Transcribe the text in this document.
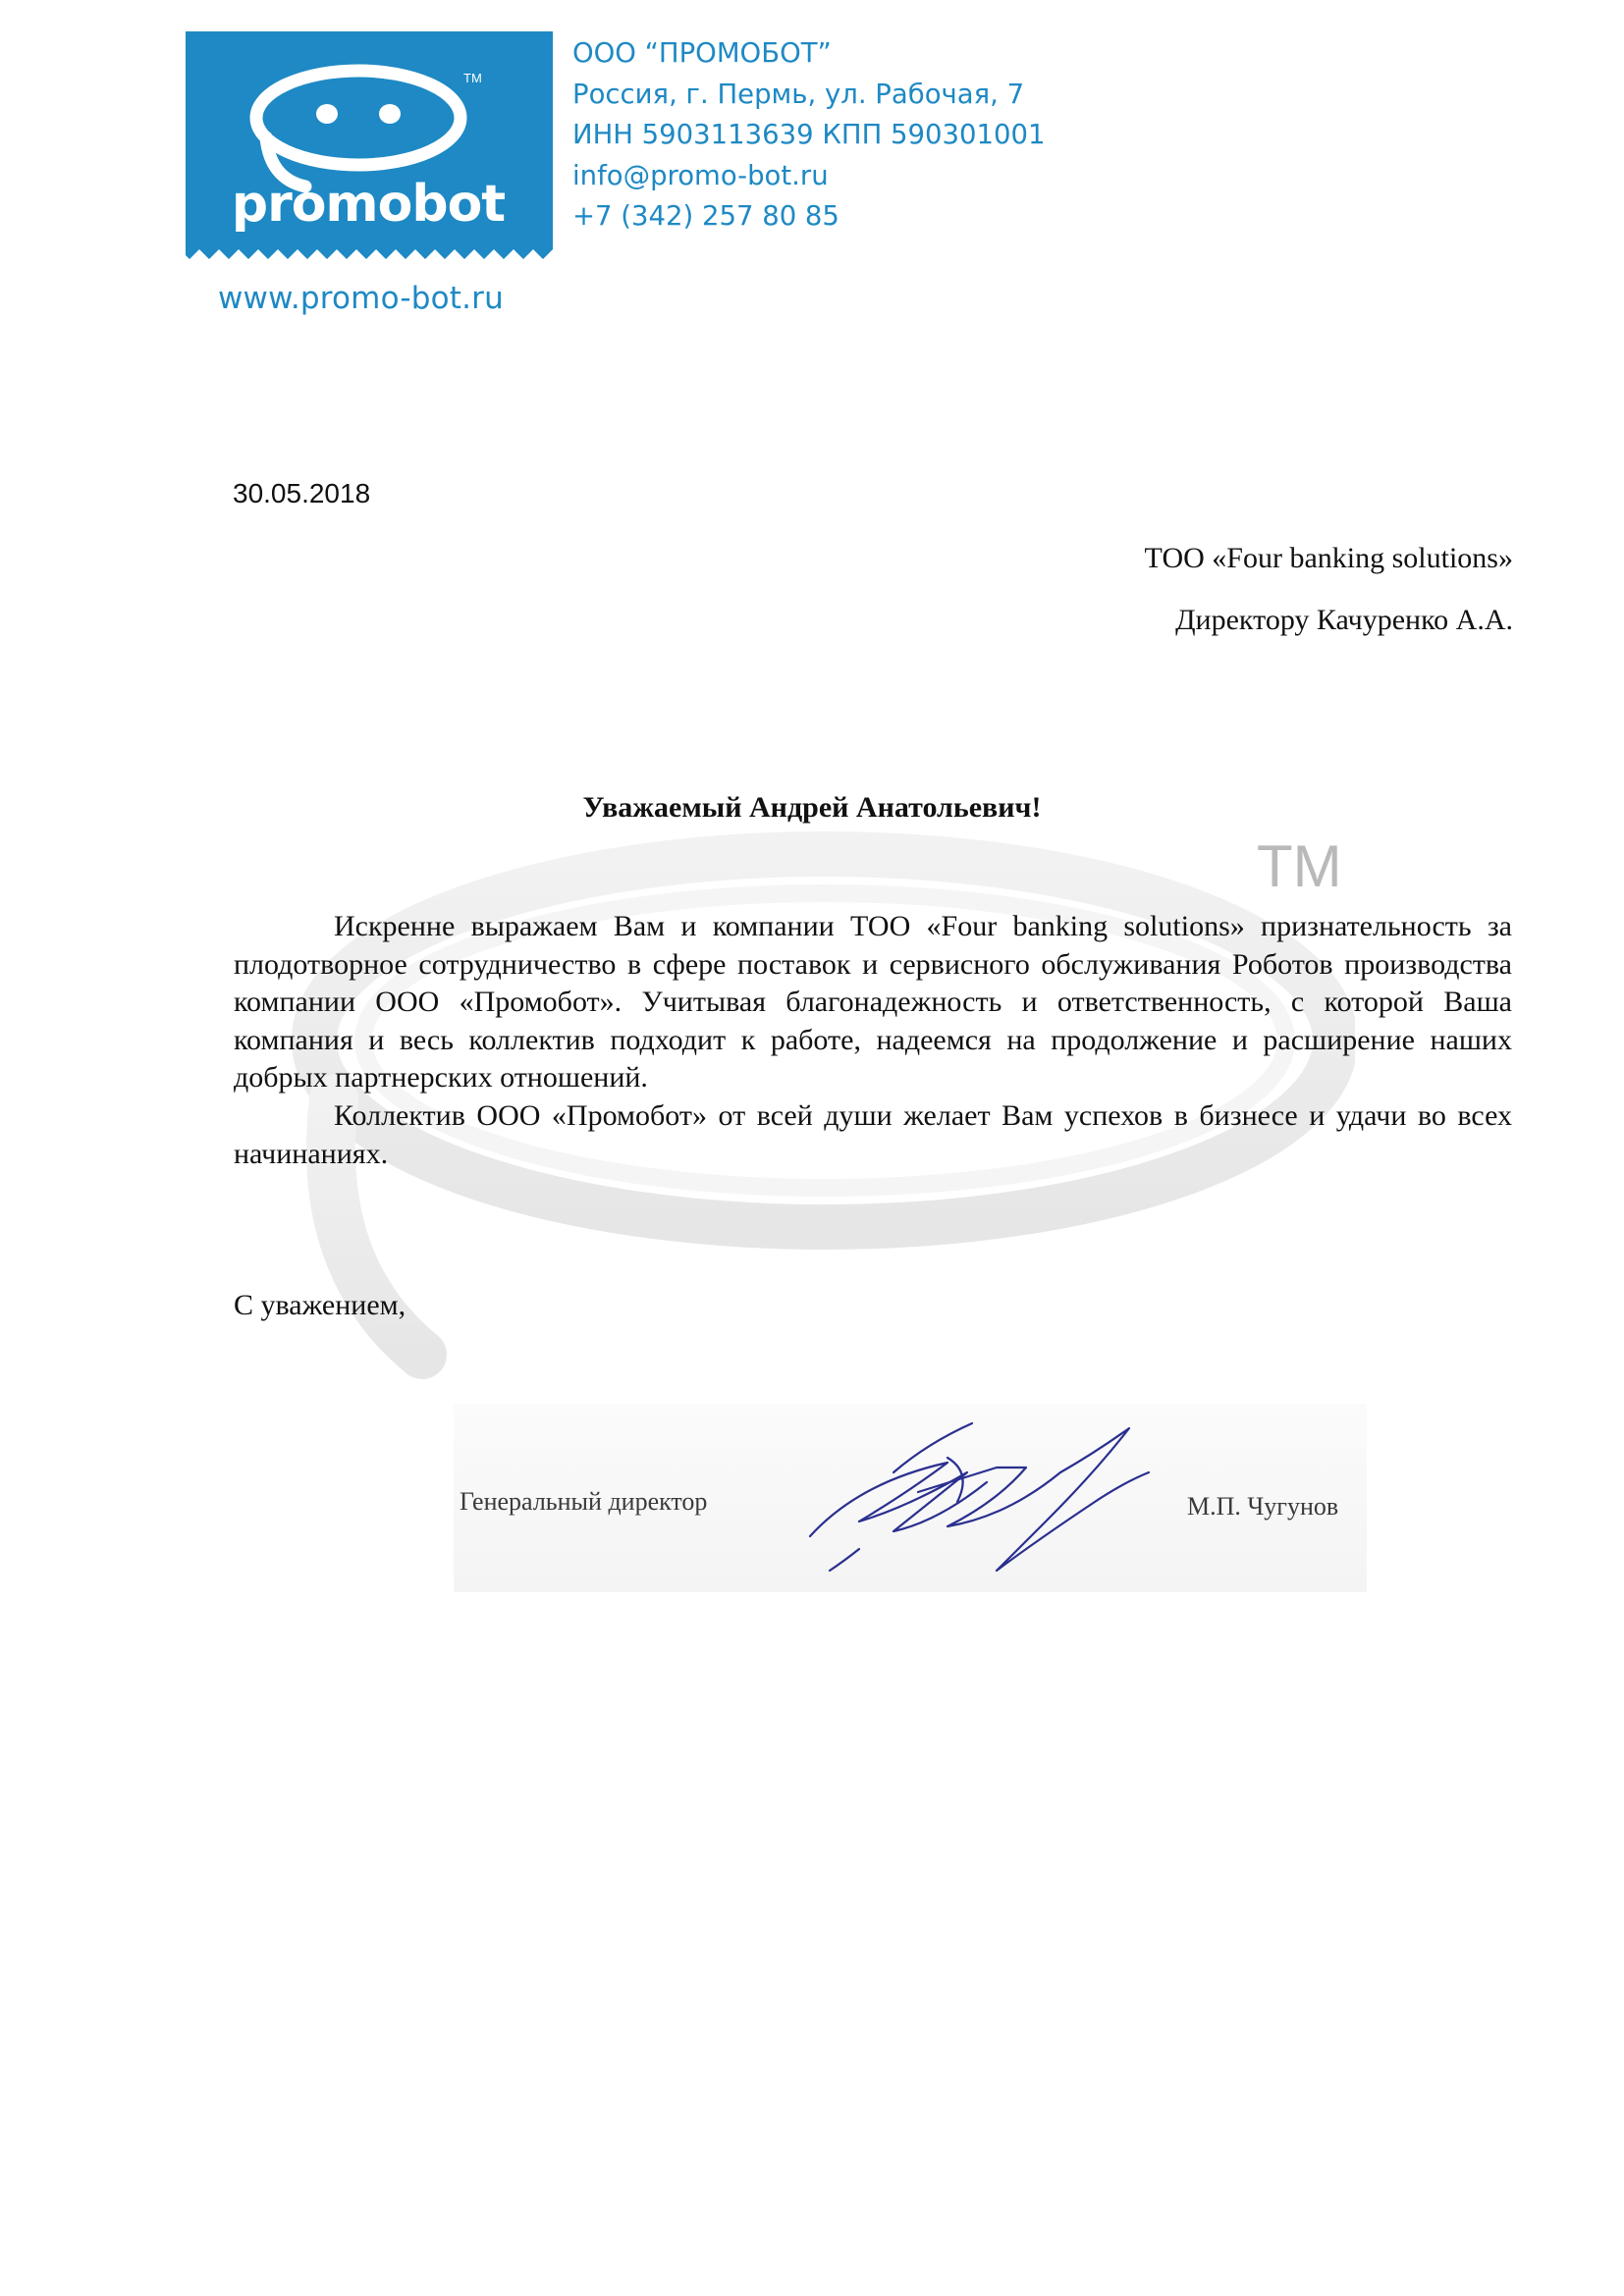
TM
promobot
www.promo-bot.ru
ООО “ПРОМОБОТ”
Россия, г. Пермь, ул. Рабочая, 7
ИНН 5903113639 КПП 590301001
info@promo-bot.ru
+7 (342) 257 80 85
TM
30.05.2018
ТОО «Four banking solutions»
Директору Качуренко А.А.
Уважаемый Андрей Анатольевич!

Искренне выражаем Вам и компании ТОО «Four banking solutions» признательность за плодотворное сотрудничество в сфере поставок и сервисного обслуживания Роботов производства компании ООО «Промобот». Учитывая благонадежность и ответственность, с которой Ваша компания и весь коллектив подходит к работе, надеемся на продолжение и расширение наших добрых партнерских отношений.

Коллектив ООО «Промобот» от всей души желает Вам успехов в бизнесе и удачи во всех начинаниях.

С уважением,
Генеральный директор	М.П. Чугунов
